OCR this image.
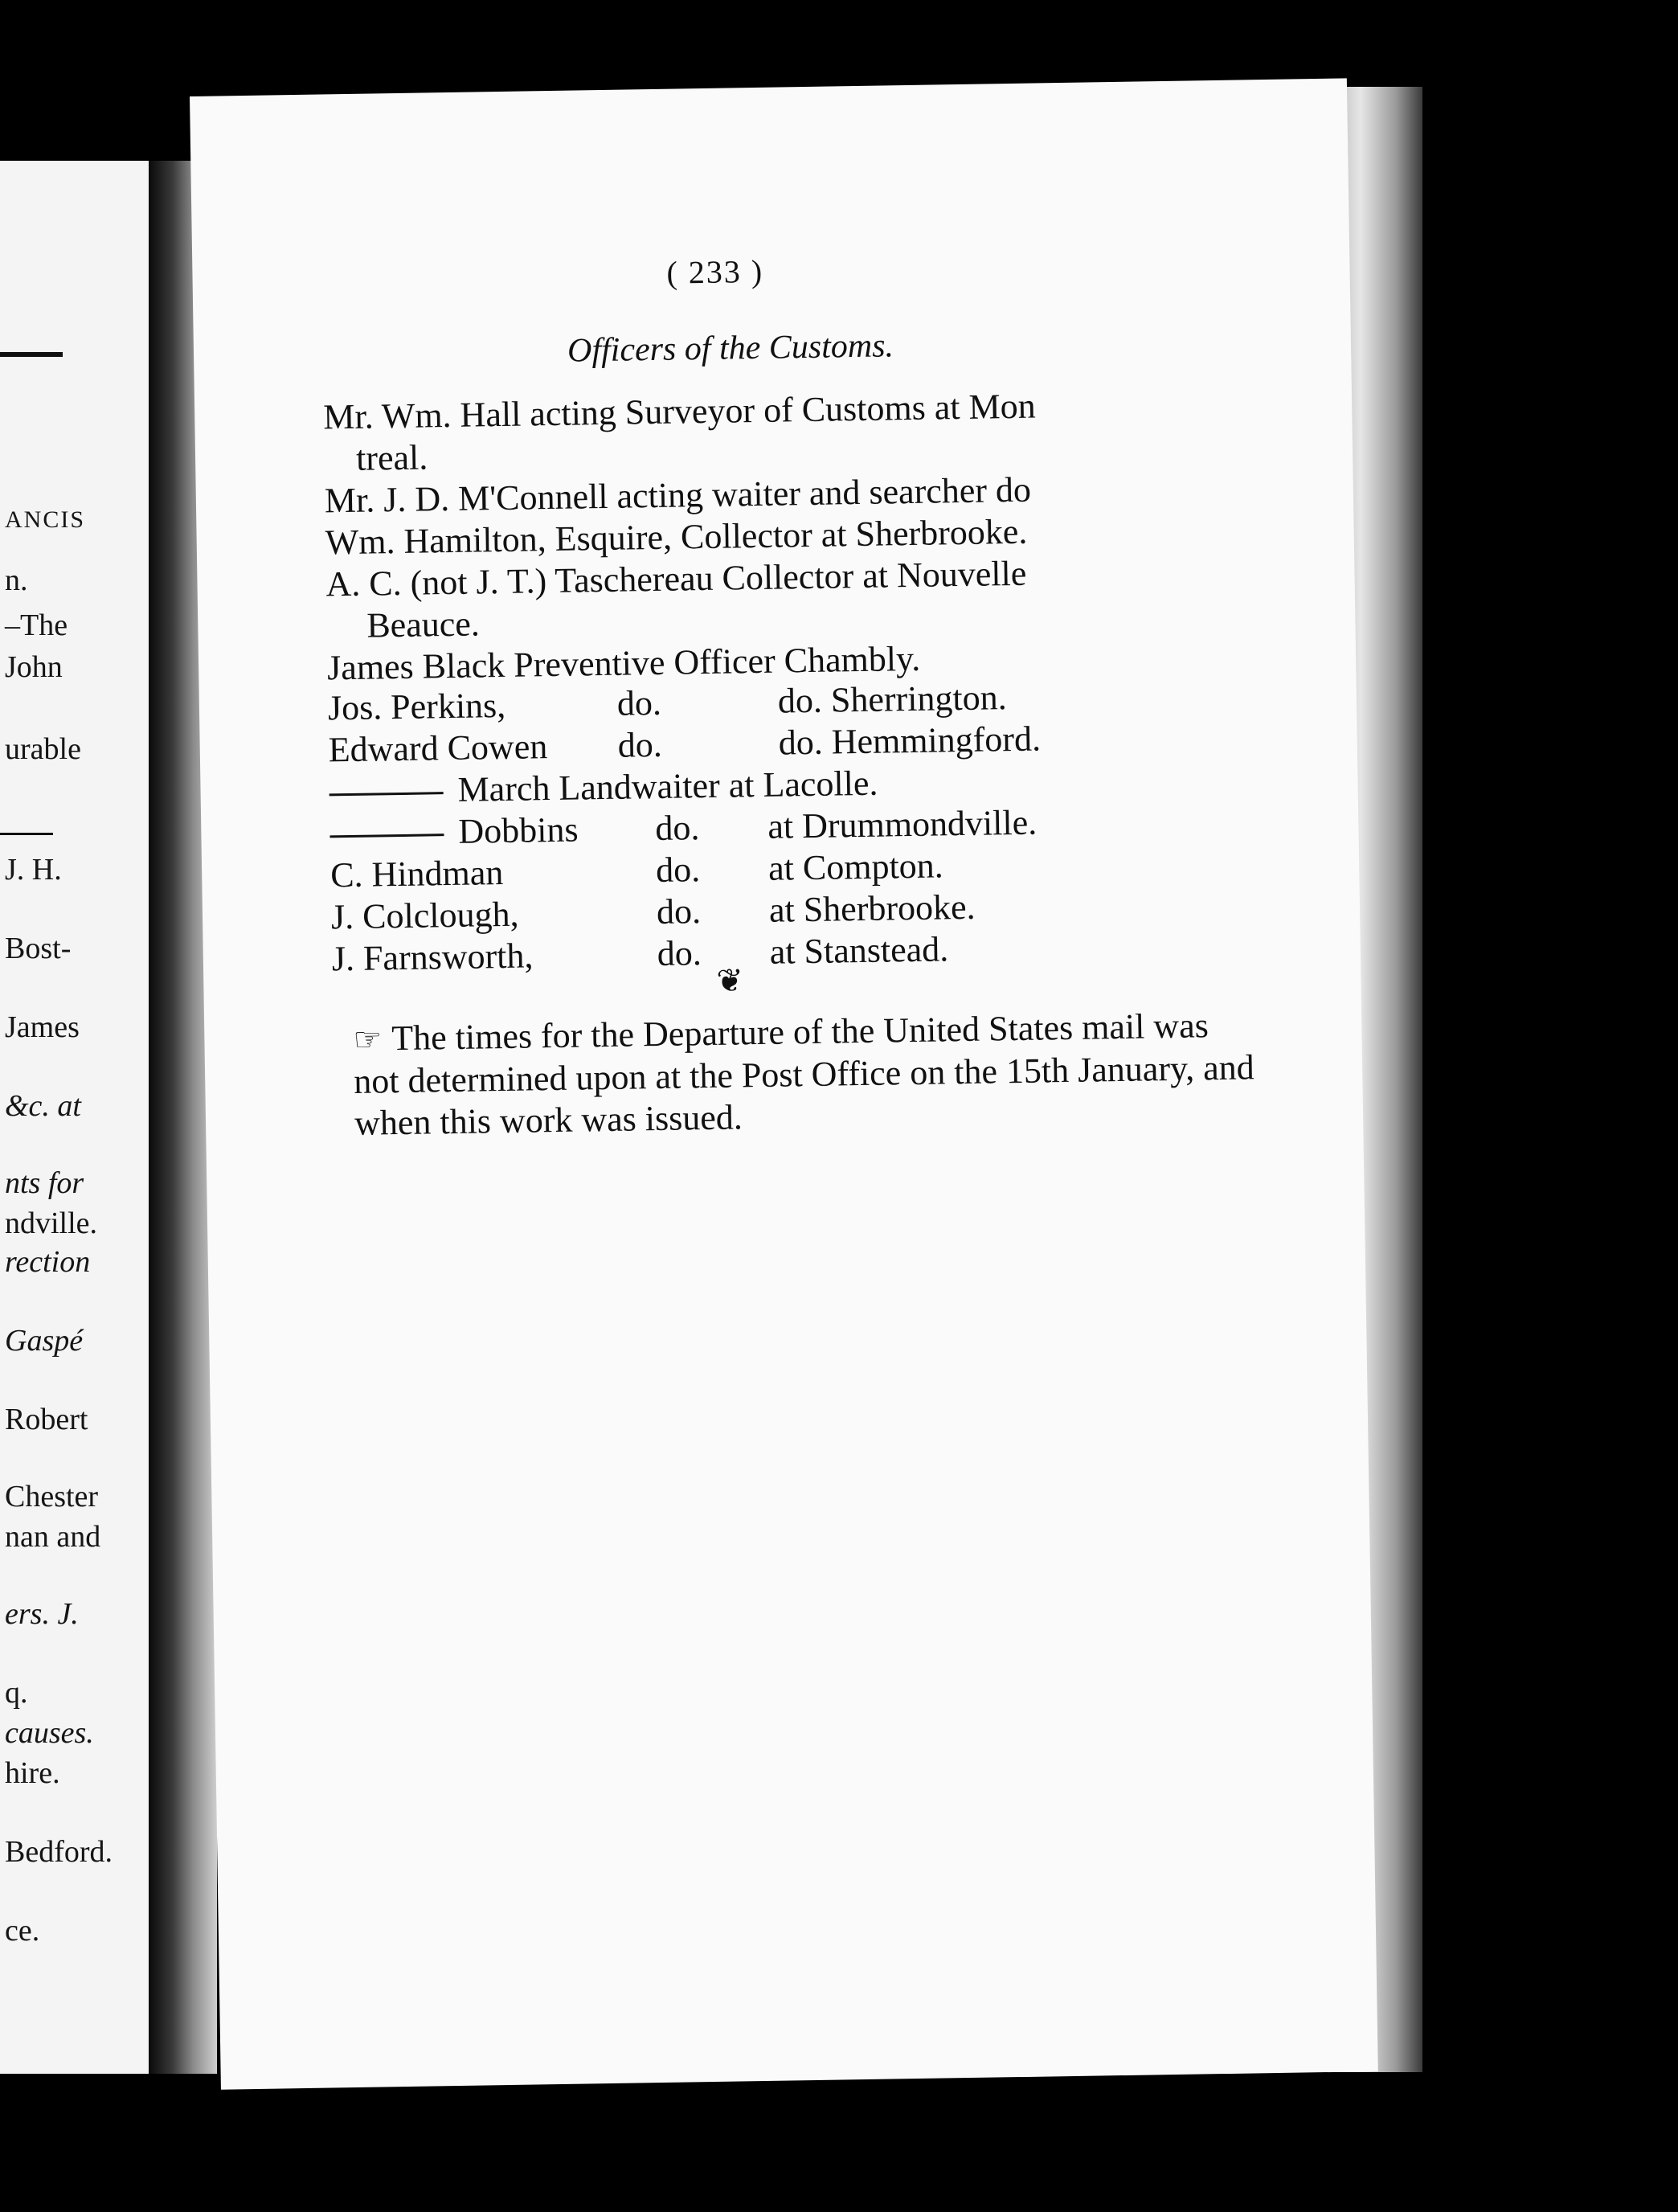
ANCIS
n.
–The
John
urable
J. H.
Bost-
James
&c. at
nts for
ndville.
rection
Gaspé
Robert
Chester
nan and
ers. J.
q.
causes.
hire.
Bedford.
ce.
( 233 )
Officers of the Customs.
Mr. Wm. Hall acting Surveyor of Customs at Mon
treal.
Mr. J. D. M'Connell acting waiter and searcher do
Wm. Hamilton, Esquire, Collector at Sherbrooke.
A. C. (not J. T.) Taschereau Collector at Nouvelle
Beauce.
James Black Preventive Officer Chambly.
Jos. Perkins,	do.	do. Sherrington.
Edward Cowen do.	do. Hemmingford.
March Landwaiter at Lacolle.
Dobbins do. at Drummondville.
C. Hindman	do. at Compton.
J. Colclough,	do. at Sherbrooke.
J. Farnsworth,	do. at Stanstead.
❦
☞ The times for the Departure of the United States mail was not determined upon at the Post Office on the 15th January, and when this work was issued.
